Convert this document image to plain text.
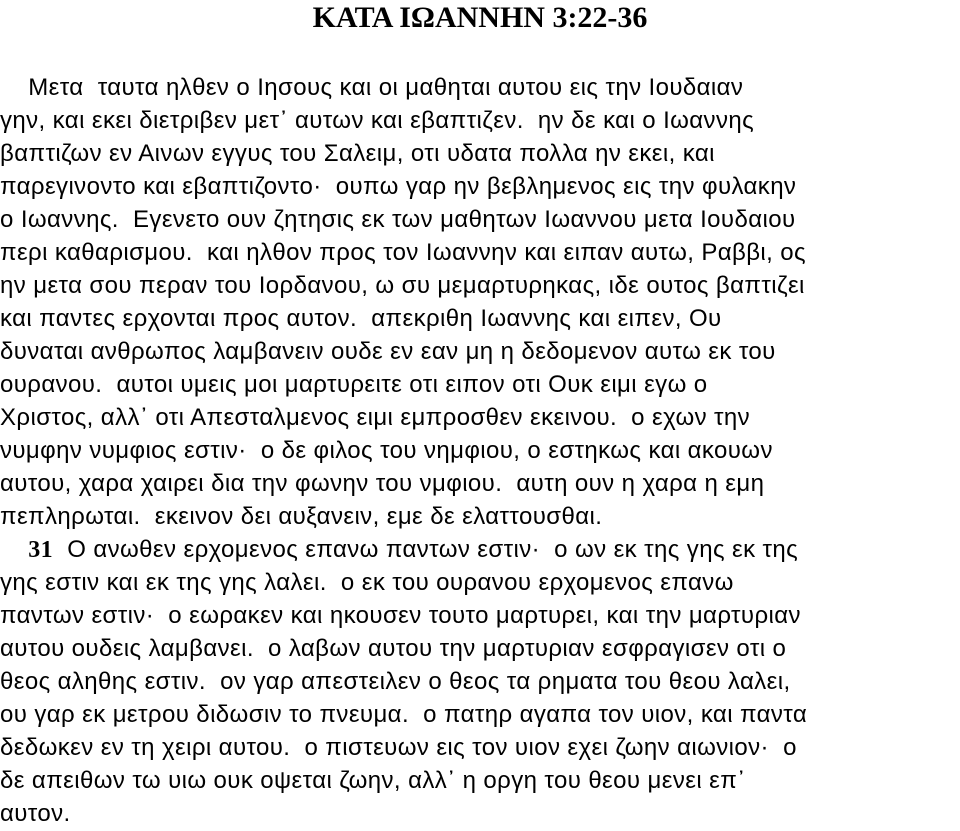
ΚΑΤΑ ΙΩΑΝΝΗΝ 3:22-36
Μετα  ταυτα ηλθεν ο Ιησους και οι μαθηται αυτου εις την Ιουδαιαν
γην, και εκει διετριβεν μετ᾽ αυτων και εβαπτιζεν.  ην δε και ο Ιωαννης
βαπτιζων εν Αινων εγγυς του Σαλειμ, οτι υδατα πολλα ην εκει, και
παρεγινοντο και εβαπτιζοντο·  ουπω γαρ ην βεβλημενος εις την φυλακην
ο Ιωαννης.  Εγενετο ουν ζητησις εκ των μαθητων Ιωαννου μετα Ιουδαιου
περι καθαρισμου.  και ηλθον προς τον Ιωαννην και ειπαν αυτω, Ραββι, ος
ην μετα σου περαν του Ιορδανου, ω συ μεμαρτυρηκας, ιδε ουτος βαπτιζει
και παντες ερχονται προς αυτον.  απεκριθη Ιωαννης και ειπεν, Ου
δυναται ανθρωπος λαμβανειν ουδε εν εαν μη η δεδομενον αυτω εκ του
ουρανου.  αυτοι υμεις μοι μαρτυρειτε οτι ειπον οτι Ουκ ειμι εγω ο
Χριστος, αλλ᾽ οτι Απεσταλμενος ειμι εμπροσθεν εκεινου.  ο εχων την
νυμφην νυμφιος εστιν·  ο δε φιλος του νημφιου, ο εστηκως και ακουων
αυτου, χαρα χαιρει δια την φωνην του νμφιου.  αυτη ουν η χαρα η εμη
πεπληρωται.  εκεινον δει αυξανειν, εμε δε ελαττουσθαι.
31  Ο ανωθεν ερχομενος επανω παντων εστιν·  ο ων εκ της γης εκ της
γης εστιν και εκ της γης λαλει.  ο εκ του ουρανου ερχομενος επανω
παντων εστιν·  ο εωρακεν και ηκουσεν τουτο μαρτυρει, και την μαρτυριαν
αυτου ουδεις λαμβανει.  ο λαβων αυτου την μαρτυριαν εσφραγισεν οτι ο
θεος αληθης εστιν.  ον γαρ απεστειλεν ο θεος τα ρηματα του θεου λαλει,
ου γαρ εκ μετρου διδωσιν το πνευμα.  ο πατηρ αγαπα τον υιον, και παντα
δεδωκεν εν τη χειρι αυτου.  ο πιστευων εις τον υιον εχει ζωην αιωνιον·  ο
δε απειθων τω υιω ουκ οψεται ζωην, αλλ᾽ η οργη του θεου μενει επ᾽
αυτον.
